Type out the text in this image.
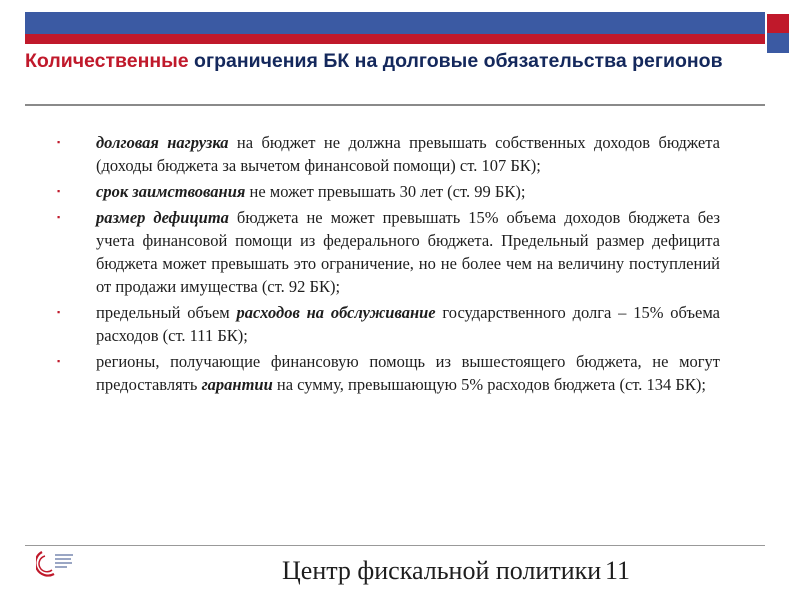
Количественные ограничения БК на долговые обязательства регионов
▪	долговая нагрузка на бюджет не должна превышать собственных доходов бюджета (доходы бюджета за вычетом финансовой помощи) ст. 107 БК);
▪	срок заимствования не может превышать 30 лет (ст. 99 БК);
▪	размер дефицита бюджета не может превышать 15% объема доходов бюджета без учета финансовой помощи из федерального бюджета. Предельный размер дефицита бюджета может превышать это ограничение, но не более чем на величину поступлений от продажи имущества (ст. 92 БК);
▪	предельный объем расходов на обслуживание государственного долга – 15% объема расходов (ст. 111 БК);
▪	регионы, получающие финансовую помощь из вышестоящего бюджета, не могут предоставлять гарантии на сумму, превышающую 5% расходов бюджета (ст. 134 БК);
Центр фискальной политики 11
